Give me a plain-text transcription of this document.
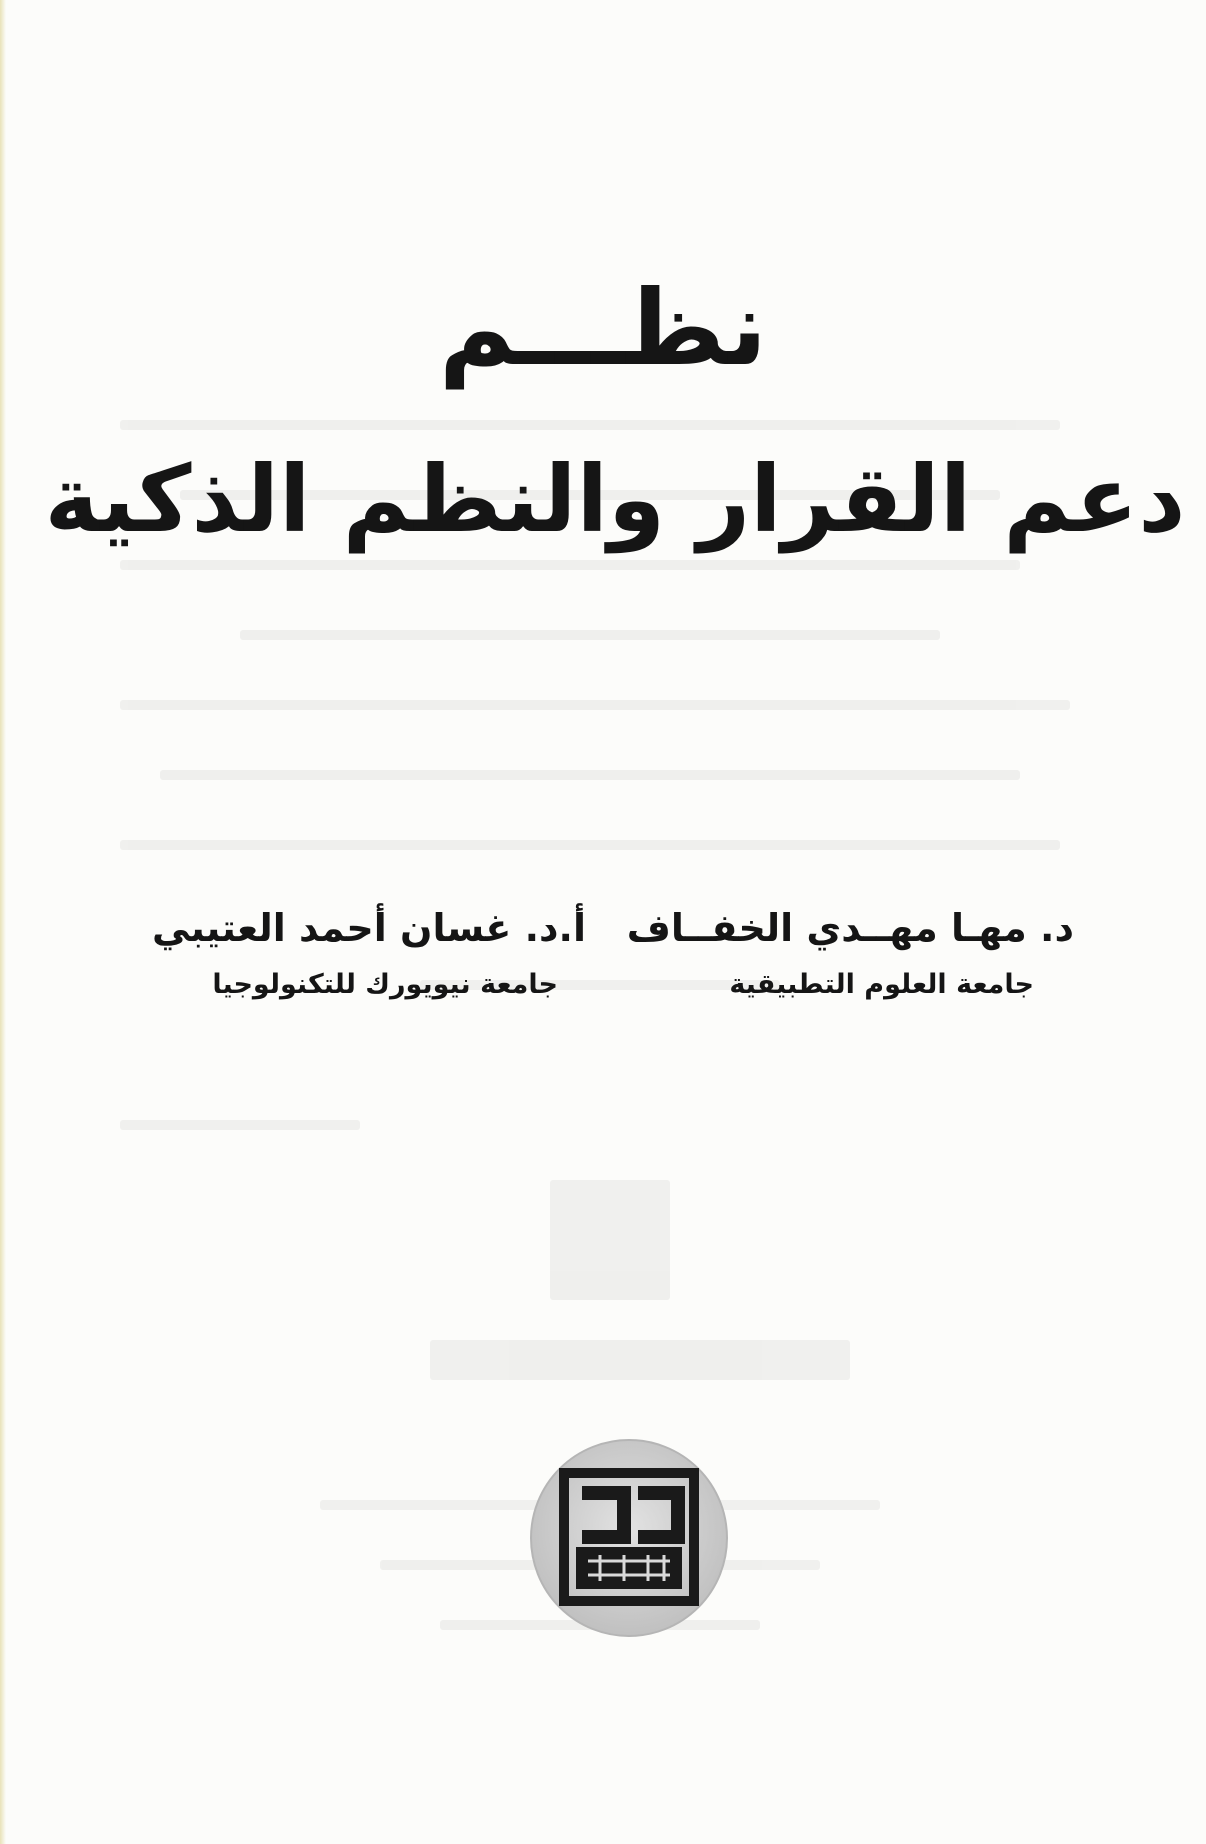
نظـــم
دعم القرار والنظم الذكية

د. مهـا مهــدي الخفــاف

جامعة العلوم التطبيقية

أ.د. غسان أحمد العتيبي

جامعة نيويورك للتكنولوجيا
